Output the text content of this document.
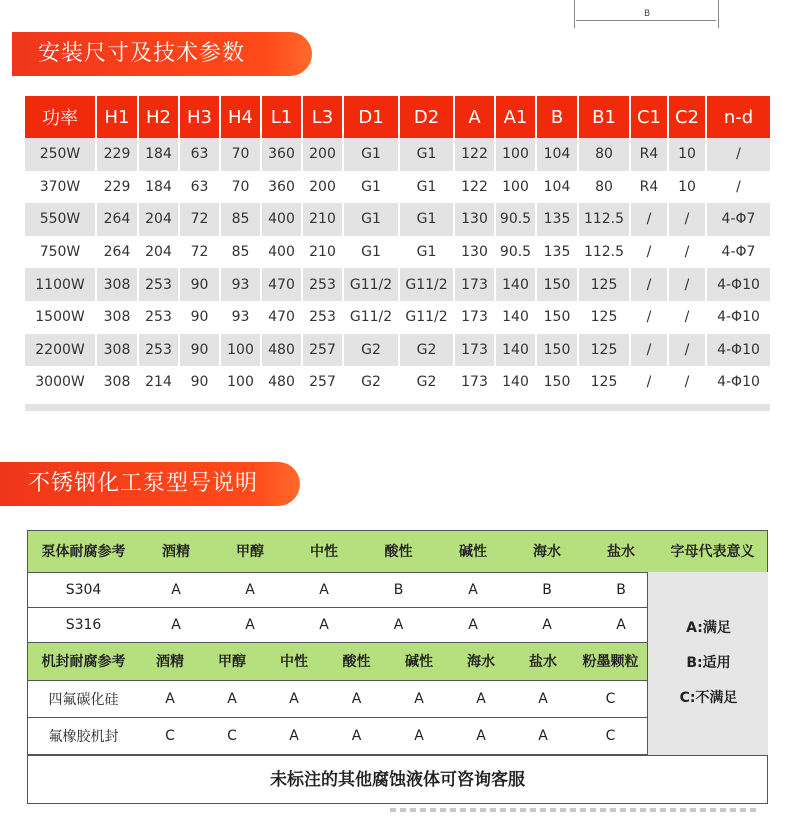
B
安装尺寸及技术参数
功率	H1	H2	H3	H4	L1	L3	D1	D2	A	A1	B	B1	C1	C2	n-d
250W	229	184	63	70	360	200	G1	G1	122	100	104	80	R4	10	/
370W	229	184	63	70	360	200	G1	G1	122	100	104	80	R4	10	/
550W	264	204	72	85	400	210	G1	G1	130	90.5	135	112.5	/	/	4-Φ7
750W	264	204	72	85	400	210	G1	G1	130	90.5	135	112.5	/	/	4-Φ7
1100W	308	253	90	93	470	253	G11/2	G11/2	173	140	150	125	/	/	4-Φ10
1500W	308	253	90	93	470	253	G11/2	G11/2	173	140	150	125	/	/	4-Φ10
2200W	308	253	90	100	480	257	G2	G2	173	140	150	125	/	/	4-Φ10
3000W	308	214	90	100	480	257	G2	G2	173	140	150	125	/	/	4-Φ10
不锈钢化工泵型号说明
泵体耐腐参考	酒精	甲醇	中性	酸性	碱性	海水	盐水	字母代表意义
S304	A	A	A	B	A	B	B	
S316	A	A	A	A	A	A	A	
机封耐腐参考	酒精	甲醇	中性	酸性	碱性	海水	盐水	粉墨颗粒
四氟碳化硅	A	A	A	A	A	A	A	C
氟橡胶机封	C	C	A	A	A	A	A	C
A:满足
B:适用
C:不满足
未标注的其他腐蚀液体可咨询客服
